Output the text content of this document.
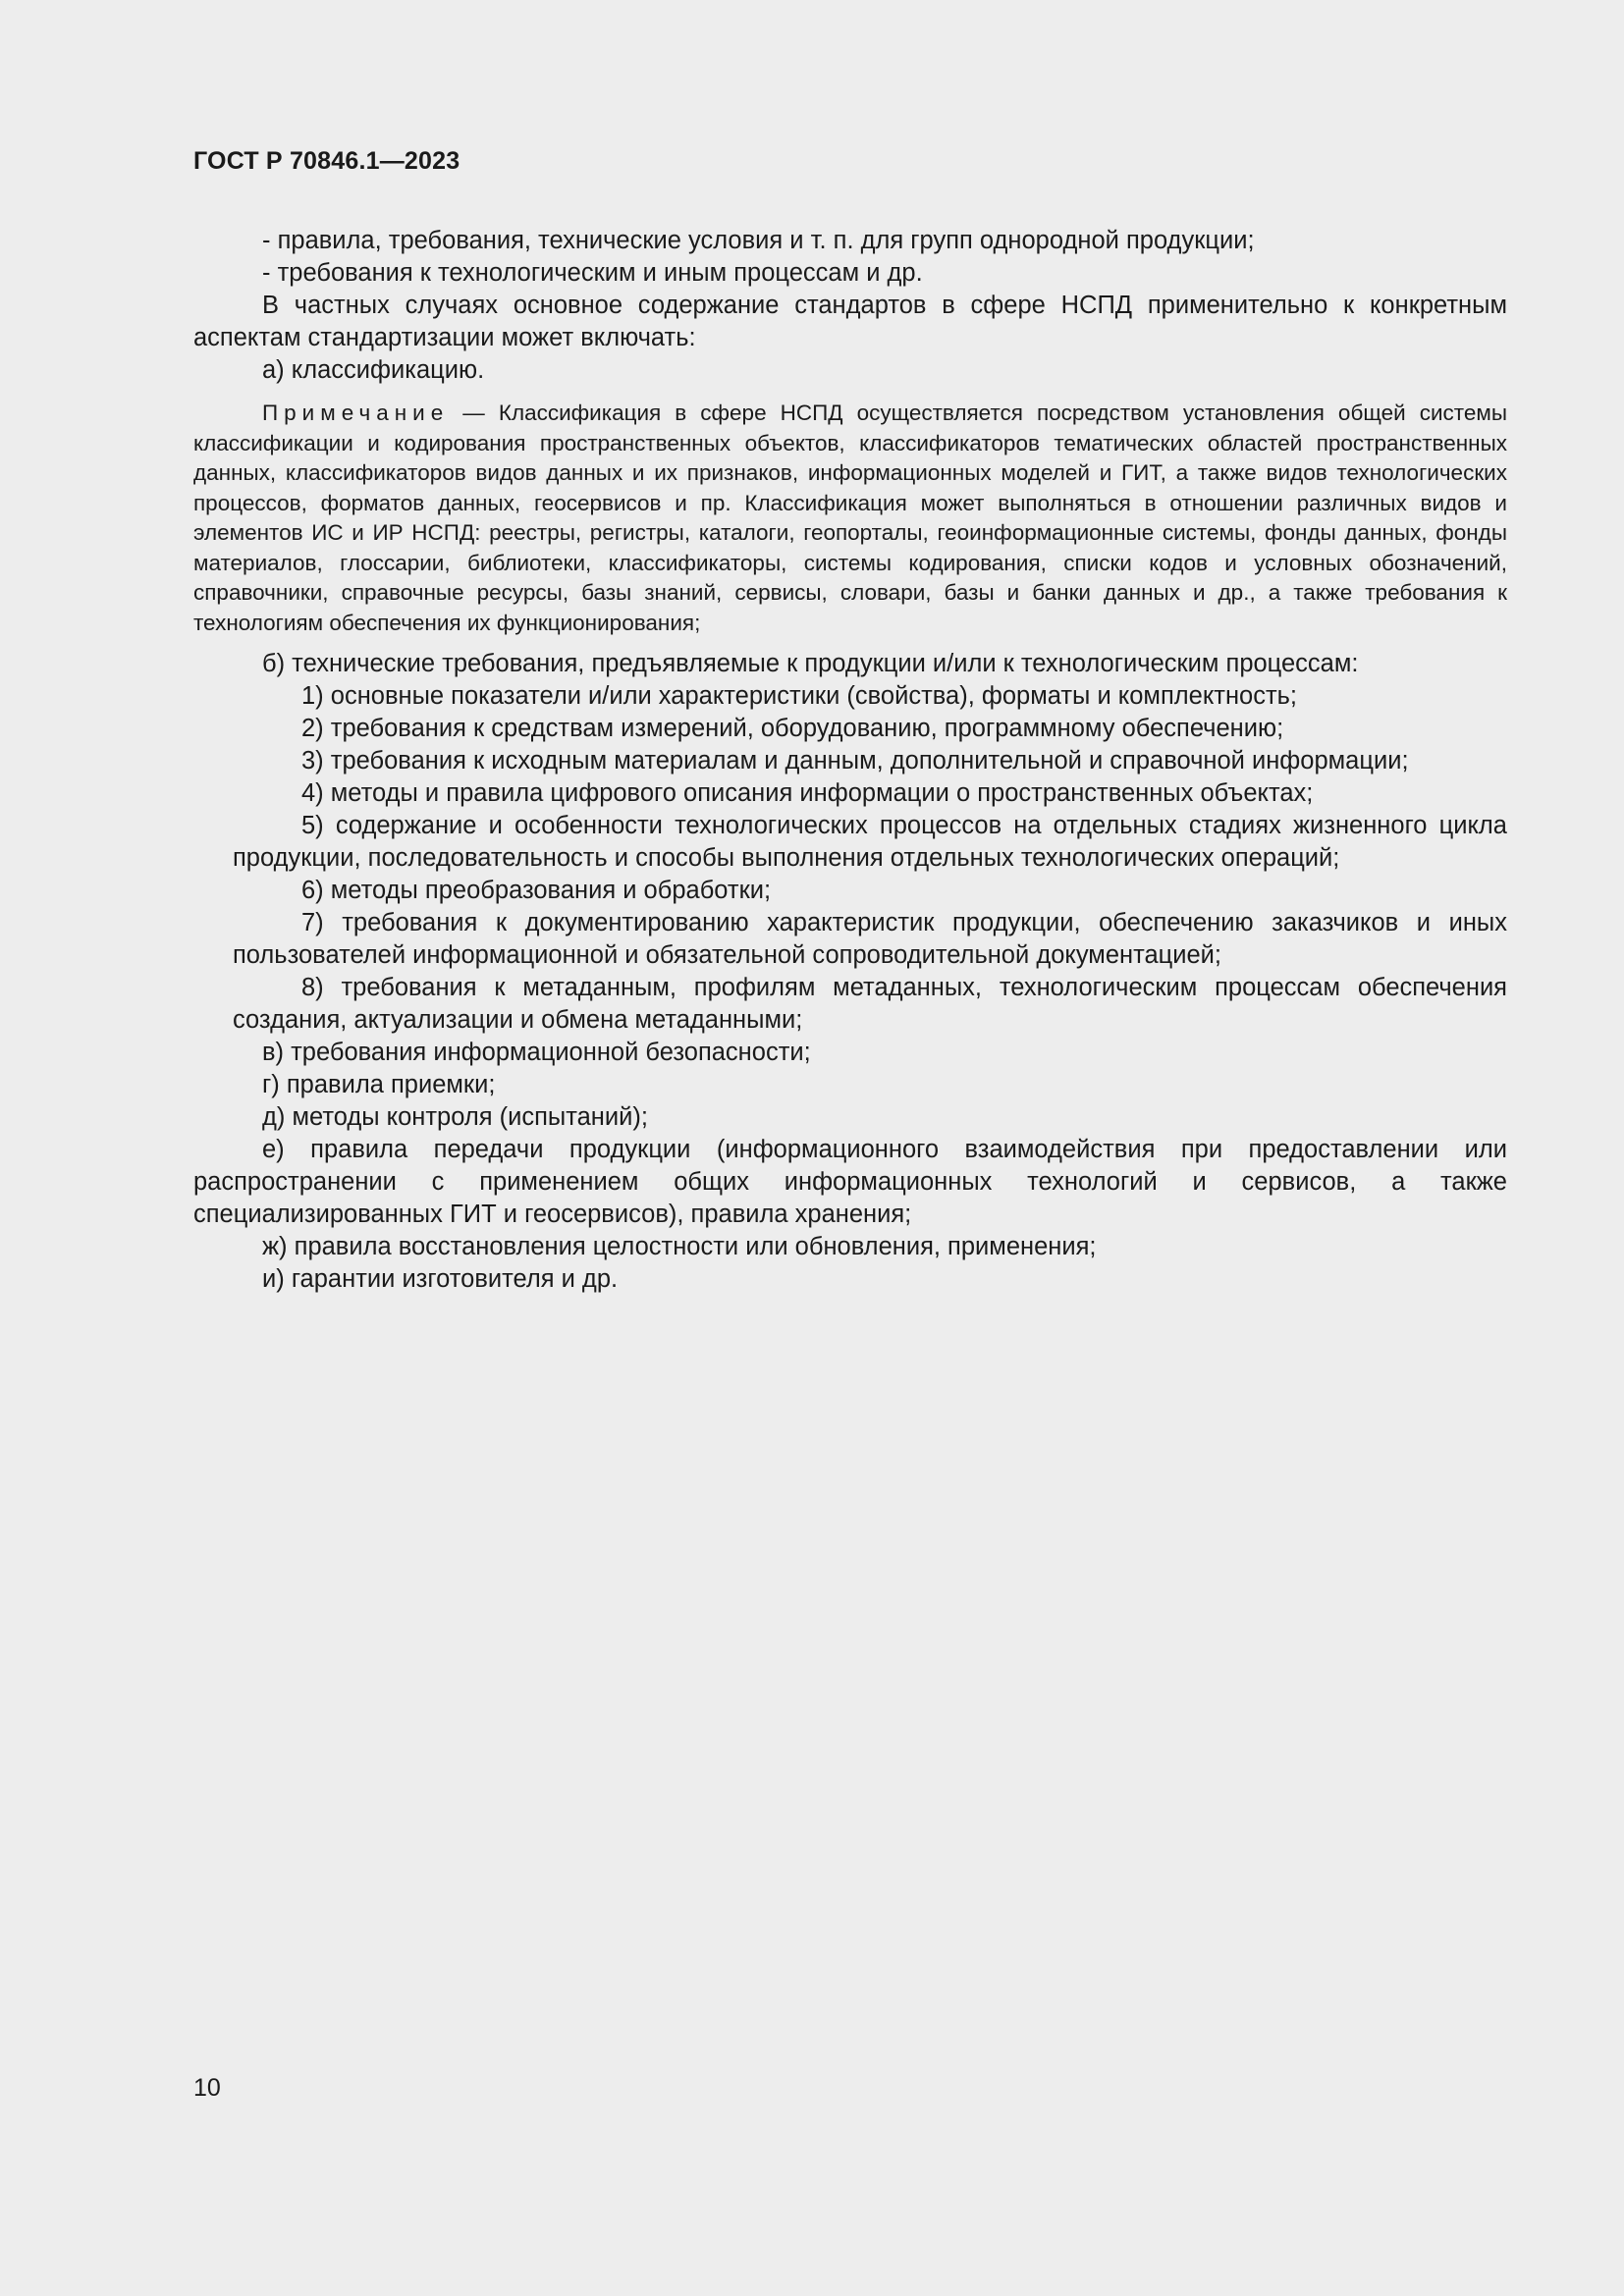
ГОСТ Р 70846.1—2023

- правила, требования, технические условия и т. п. для групп однородной продукции;

- требования к технологическим и иным процессам и др.

В частных случаях основное содержание стандартов в сфере НСПД применительно к конкретным аспектам стандартизации может включать:

а) классификацию.

Примечание — Классификация в сфере НСПД осуществляется посредством установления общей системы классификации и кодирования пространственных объектов, классификаторов тематических областей пространственных данных, классификаторов видов данных и их признаков, информационных моделей и ГИТ, а также видов технологических процессов, форматов данных, геосервисов и пр. Классификация может выполняться в отношении различных видов и элементов ИС и ИР НСПД: реестры, регистры, каталоги, геопорталы, геоинформационные системы, фонды данных, фонды материалов, глоссарии, библиотеки, классификаторы, системы кодирования, списки кодов и условных обозначений, справочники, справочные ресурсы, базы знаний, сервисы, словари, базы и банки данных и др., а также требования к технологиям обеспечения их функционирования;

б) технические требования, предъявляемые к продукции и/или к технологическим процессам:

1) основные показатели и/или характеристики (свойства), форматы и комплектность;

2) требования к средствам измерений, оборудованию, программному обеспечению;

3) требования к исходным материалам и данным, дополнительной и справочной информации;

4) методы и правила цифрового описания информации о пространственных объектах;

5) содержание и особенности технологических процессов на отдельных стадиях жизненного цикла продукции, последовательность и способы выполнения отдельных технологических операций;

6) методы преобразования и обработки;

7) требования к документированию характеристик продукции, обеспечению заказчиков и иных пользователей информационной и обязательной сопроводительной документацией;

8) требования к метаданным, профилям метаданных, технологическим процессам обеспечения создания, актуализации и обмена метаданными;

в) требования информационной безопасности;

г) правила приемки;

д) методы контроля (испытаний);

е) правила передачи продукции (информационного взаимодействия при предоставлении или распространении с применением общих информационных технологий и сервисов, а также специализированных ГИТ и геосервисов), правила хранения;

ж) правила восстановления целостности или обновления, применения;

и) гарантии изготовителя и др.

10
